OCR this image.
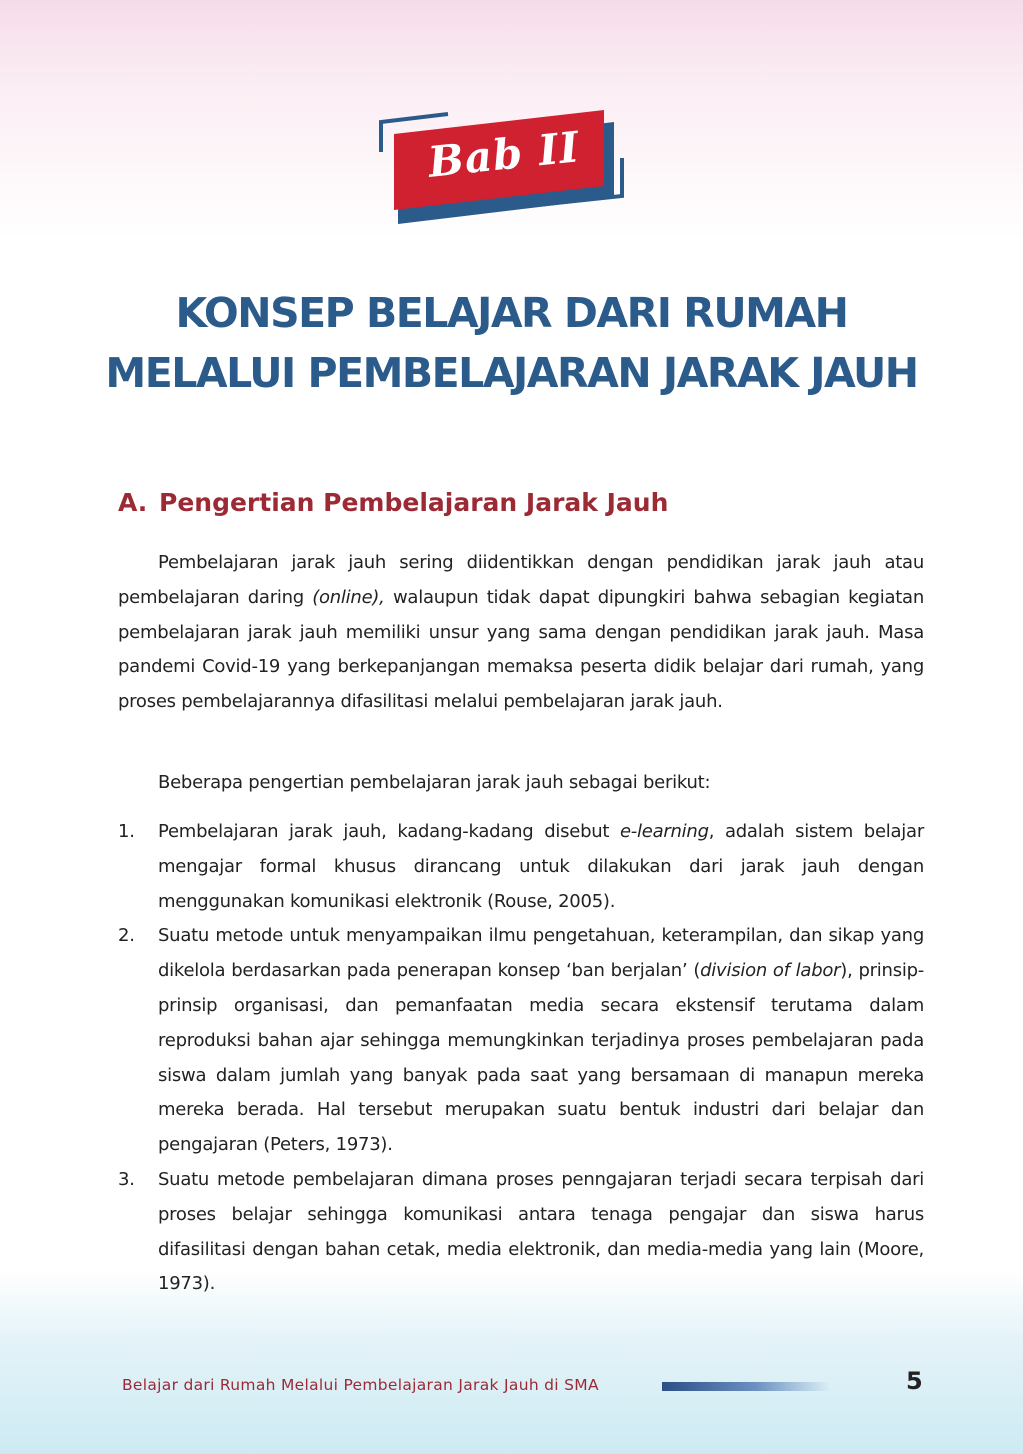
Bab II
KONSEP BELAJAR DARI RUMAH
MELALUI PEMBELAJARAN JARAK JAUH
A. Pengertian Pembelajaran Jarak Jauh

Pembelajaran jarak jauh sering diidentikkan dengan pendidikan jarak jauh atau pembelajaran daring (online), walaupun tidak dapat dipungkiri bahwa sebagian kegiatan pembelajaran jarak jauh memiliki unsur yang sama dengan pendidikan jarak jauh. Masa pandemi Covid-19 yang berkepanjangan memaksa peserta didik belajar dari rumah, yang proses pembelajarannya difasilitasi melalui pembelajaran jarak jauh.

Beberapa pengertian pembelajaran jarak jauh sebagai berikut:

1. Pembelajaran jarak jauh, kadang-kadang disebut e-learning, adalah sistem belajar mengajar formal khusus dirancang untuk dilakukan dari jarak jauh dengan menggunakan komunikasi elektronik (Rouse, 2005).
2. Suatu metode untuk menyampaikan ilmu pengetahuan, keterampilan, dan sikap yang dikelola berdasarkan pada penerapan konsep ‘ban berjalan’ (division of labor), prinsip-prinsip organisasi, dan pemanfaatan media secara ekstensif terutama dalam reproduksi bahan ajar sehingga memungkinkan terjadinya proses pembelajaran pada siswa dalam jumlah yang banyak pada saat yang bersamaan di manapun mereka mereka berada. Hal tersebut merupakan suatu bentuk industri dari belajar dan pengajaran (Peters, 1973).
3. Suatu metode pembelajaran dimana proses penngajaran terjadi secara terpisah dari proses belajar sehingga komunikasi antara tenaga pengajar dan siswa harus difasilitasi dengan bahan cetak, media elektronik, dan media-media yang lain (Moore, 1973).
Belajar dari Rumah Melalui Pembelajaran Jarak Jauh di SMA	5
